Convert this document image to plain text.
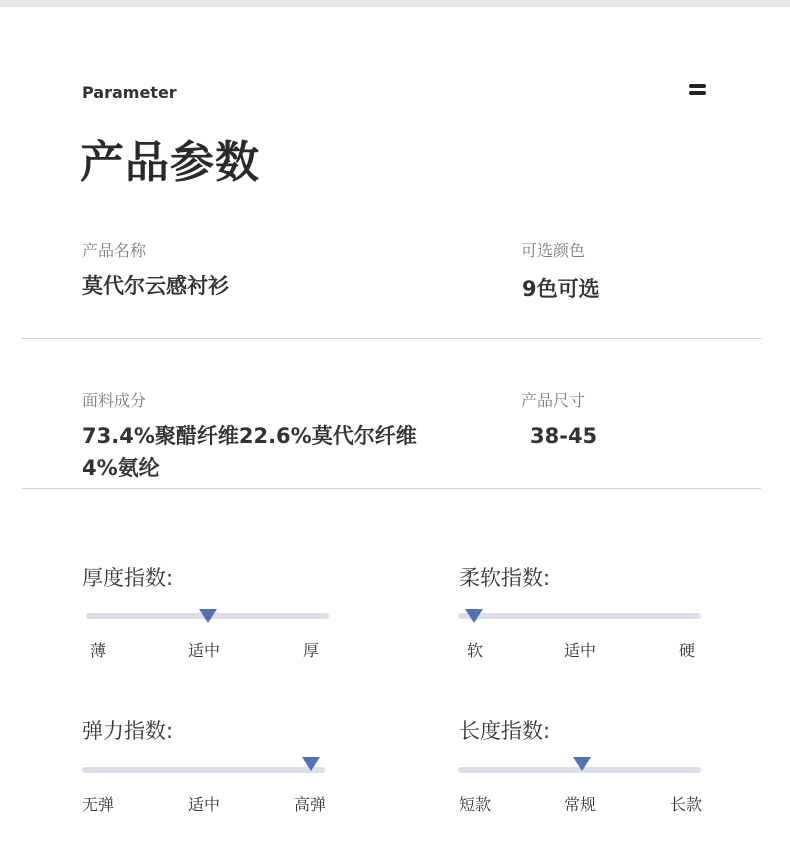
Parameter
产品参数
产品名称
莫代尔云感衬衫
可选颜色
9色可选
面料成分
73.4%聚醋纤维22.6%莫代尔纤维
4%氨纶
产品尺寸
38-45
厚度指数:
薄	适中	厚
柔软指数:
软	适中	硬
弹力指数:
无弹	适中	高弹
长度指数:
短款	常规	长款
